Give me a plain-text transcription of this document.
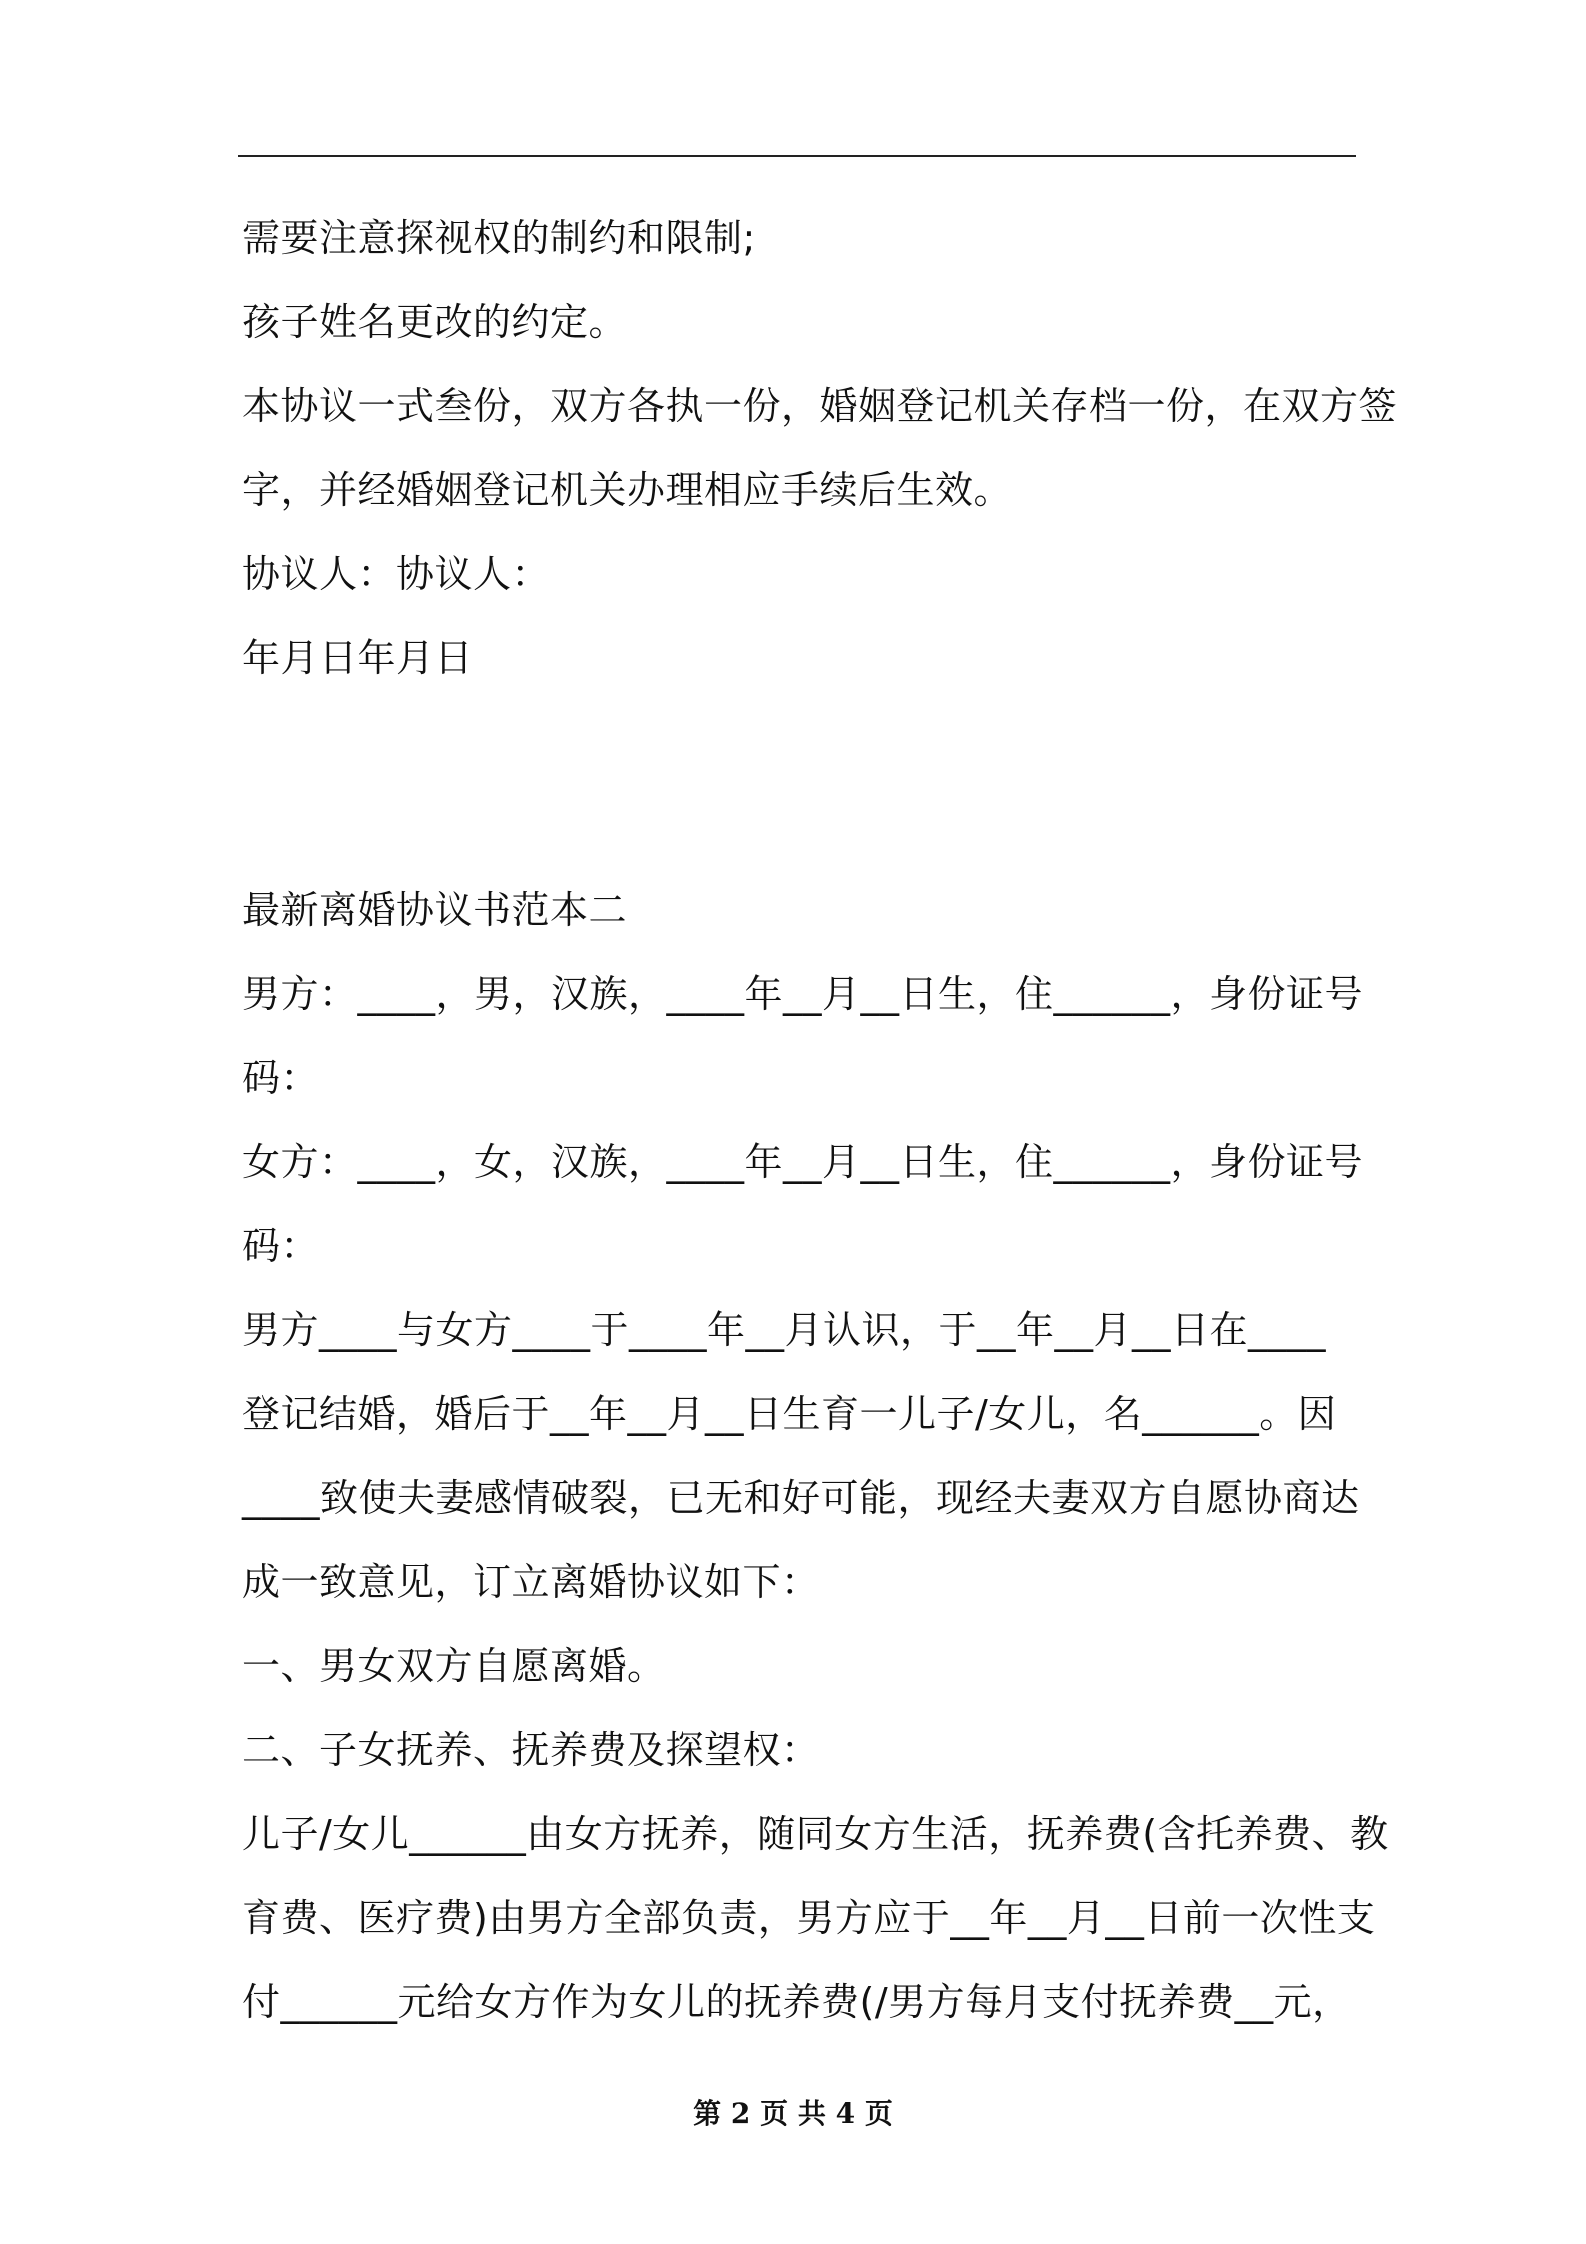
需要注意探视权的制约和限制;
孩子姓名更改的约定。
本协议一式叁份，双方各执一份，婚姻登记机关存档一份，在双方签
字，并经婚姻登记机关办理相应手续后生效。
协议人：协议人：
年月日年月日
最新离婚协议书范本二
男方：____，男，汉族，____年__月__日生，住______，身份证号
码：
女方：____，女，汉族，____年__月__日生，住______，身份证号
码：
男方____与女方____于____年__月认识，于__年__月__日在____
登记结婚，婚后于__年__月__日生育一儿子/女儿，名______。因
____致使夫妻感情破裂，已无和好可能，现经夫妻双方自愿协商达
成一致意见，订立离婚协议如下：
一、男女双方自愿离婚。
二、子女抚养、抚养费及探望权：
儿子/女儿______由女方抚养，随同女方生活，抚养费(含托养费、教
育费、医疗费)由男方全部负责，男方应于__年__月__日前一次性支
付______元给女方作为女儿的抚养费(/男方每月支付抚养费__元，
第 2 页 共 4 页
